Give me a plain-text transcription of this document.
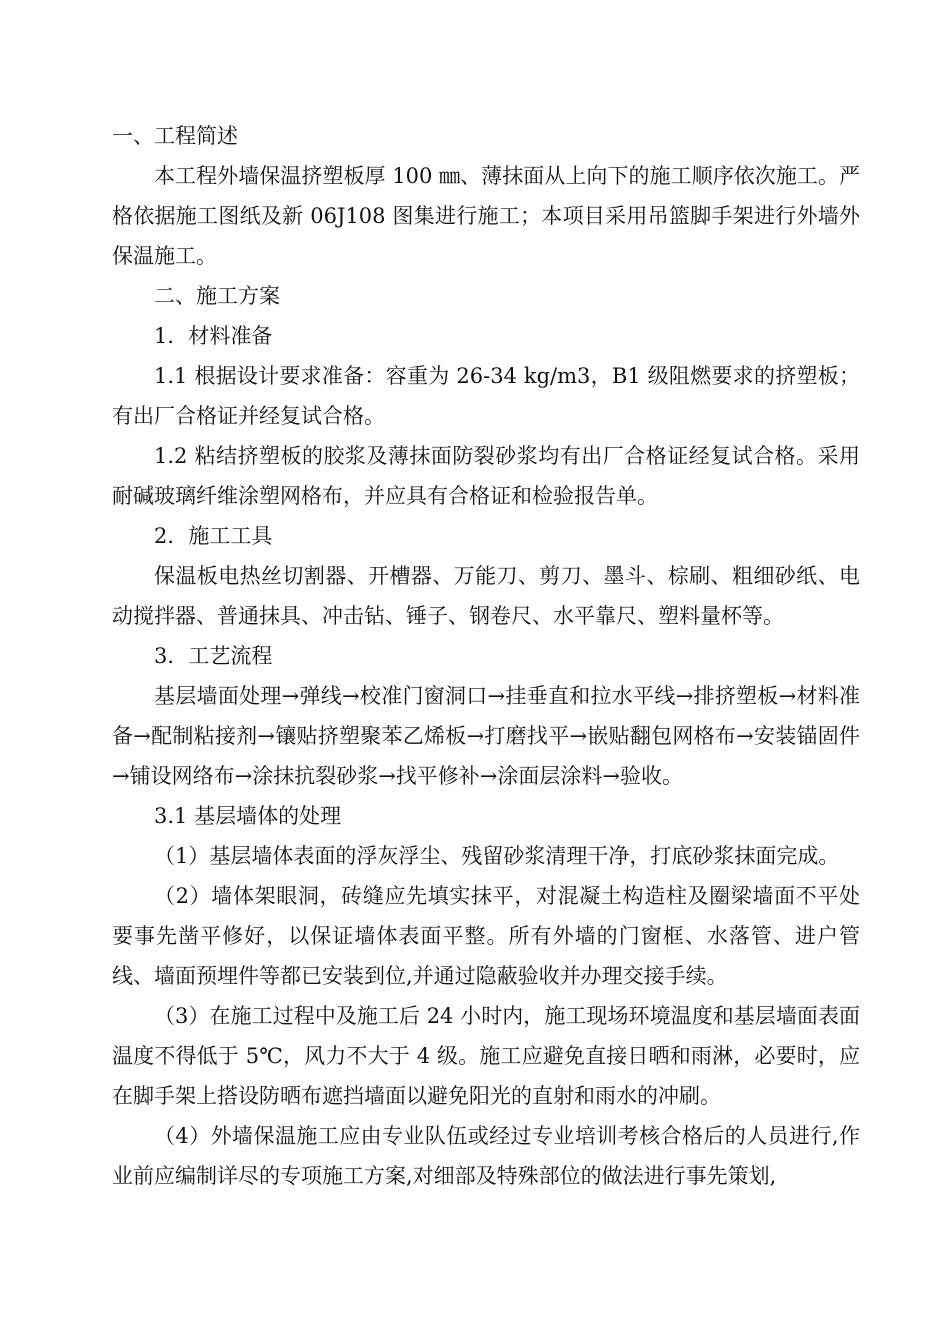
一、工程简述

本工程外墙保温挤塑板厚 100 ㎜、薄抹面从上向下的施工顺序依次施工。严格依据施工图纸及新 06J108 图集进行施工；本项目采用吊篮脚手架进行外墙外保温施工。

二、施工方案

1．材料准备

1.1 根据设计要求准备：容重为 26-34 kg/m3，B1 级阻燃要求的挤塑板；有出厂合格证并经复试合格。

1.2 粘结挤塑板的胶浆及薄抹面防裂砂浆均有出厂合格证经复试合格。采用耐碱玻璃纤维涂塑网格布，并应具有合格证和检验报告单。

2．施工工具

保温板电热丝切割器、开槽器、万能刀、剪刀、墨斗、棕刷、粗细砂纸、电动搅拌器、普通抹具、冲击钻、锤子、钢卷尺、水平靠尺、塑料量杯等。

3．工艺流程

基层墙面处理→弹线→校准门窗洞口→挂垂直和拉水平线→排挤塑板→材料准备→配制粘接剂→镶贴挤塑聚苯乙烯板→打磨找平→嵌贴翻包网格布→安装锚固件→铺设网络布→涂抹抗裂砂浆→找平修补→涂面层涂料→验收。

3.1 基层墙体的处理

（1）基层墙体表面的浮灰浮尘、残留砂浆清理干净，打底砂浆抹面完成。

（2）墙体架眼洞，砖缝应先填实抹平，对混凝土构造柱及圈梁墙面不平处要事先凿平修好，以保证墙体表面平整。所有外墙的门窗框、水落管、进户管线、墙面预埋件等都已安装到位,并通过隐蔽验收并办理交接手续。

（3）在施工过程中及施工后 24 小时内，施工现场环境温度和基层墙面表面温度不得低于 5℃，风力不大于 4 级。施工应避免直接日晒和雨淋，必要时，应在脚手架上搭设防晒布遮挡墙面以避免阳光的直射和雨水的冲刷。

（4）外墙保温施工应由专业队伍或经过专业培训考核合格后的人员进行,作业前应编制详尽的专项施工方案,对细部及特殊部位的做法进行事先策划,
